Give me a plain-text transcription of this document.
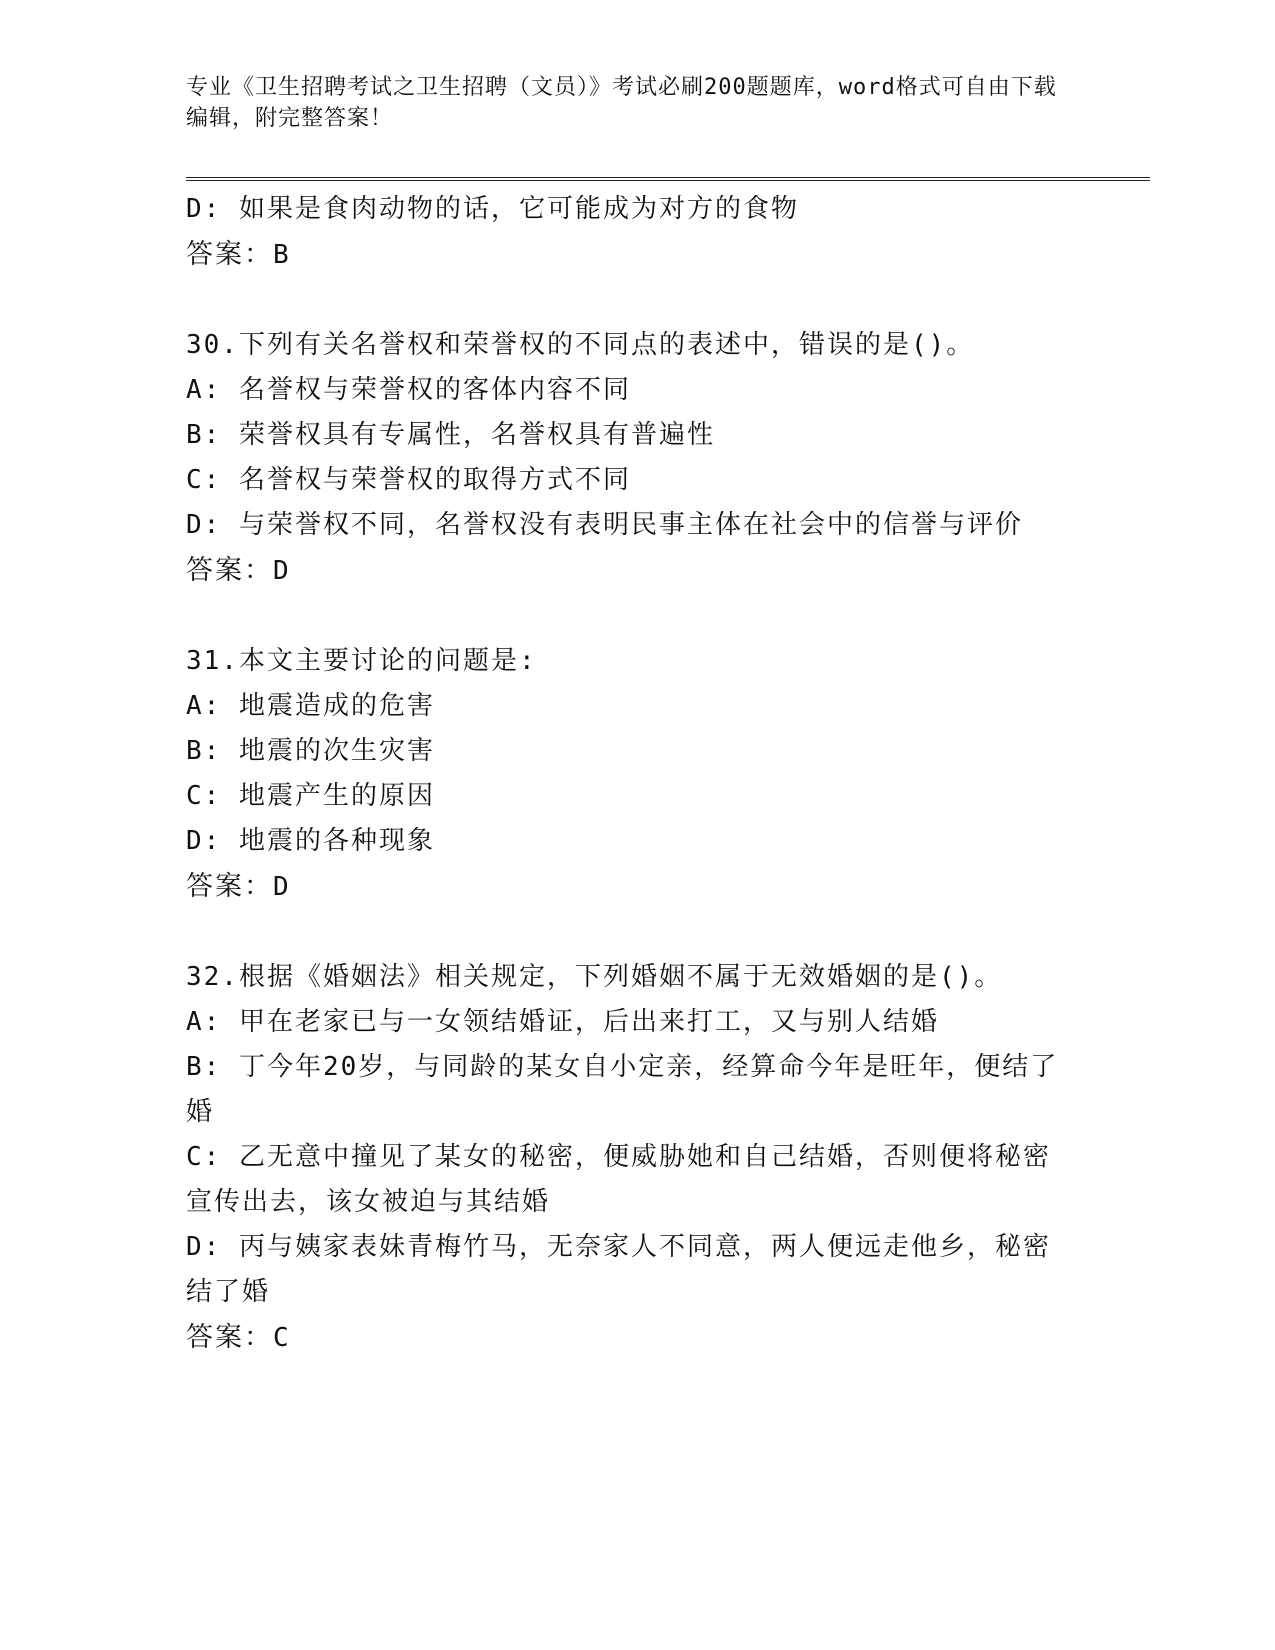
专业《卫生招聘考试之卫生招聘（文员）》考试必刷200题题库，word格式可自由下载编辑，附完整答案！
D: 如果是食肉动物的话，它可能成为对方的食物
答案：B
30.下列有关名誉权和荣誉权的不同点的表述中，错误的是()。
A: 名誉权与荣誉权的客体内容不同
B: 荣誉权具有专属性，名誉权具有普遍性
C: 名誉权与荣誉权的取得方式不同
D: 与荣誉权不同，名誉权没有表明民事主体在社会中的信誉与评价
答案：D
31.本文主要讨论的问题是:
A: 地震造成的危害
B: 地震的次生灾害
C: 地震产生的原因
D: 地震的各种现象
答案：D
32.根据《婚姻法》相关规定，下列婚姻不属于无效婚姻的是()。
A: 甲在老家已与一女领结婚证，后出来打工，又与别人结婚
B: 丁今年20岁，与同龄的某女自小定亲，经算命今年是旺年，便结了婚
C: 乙无意中撞见了某女的秘密，便威胁她和自己结婚，否则便将秘密宣传出去，该女被迫与其结婚
D: 丙与姨家表妹青梅竹马，无奈家人不同意，两人便远走他乡，秘密结了婚
答案：C
